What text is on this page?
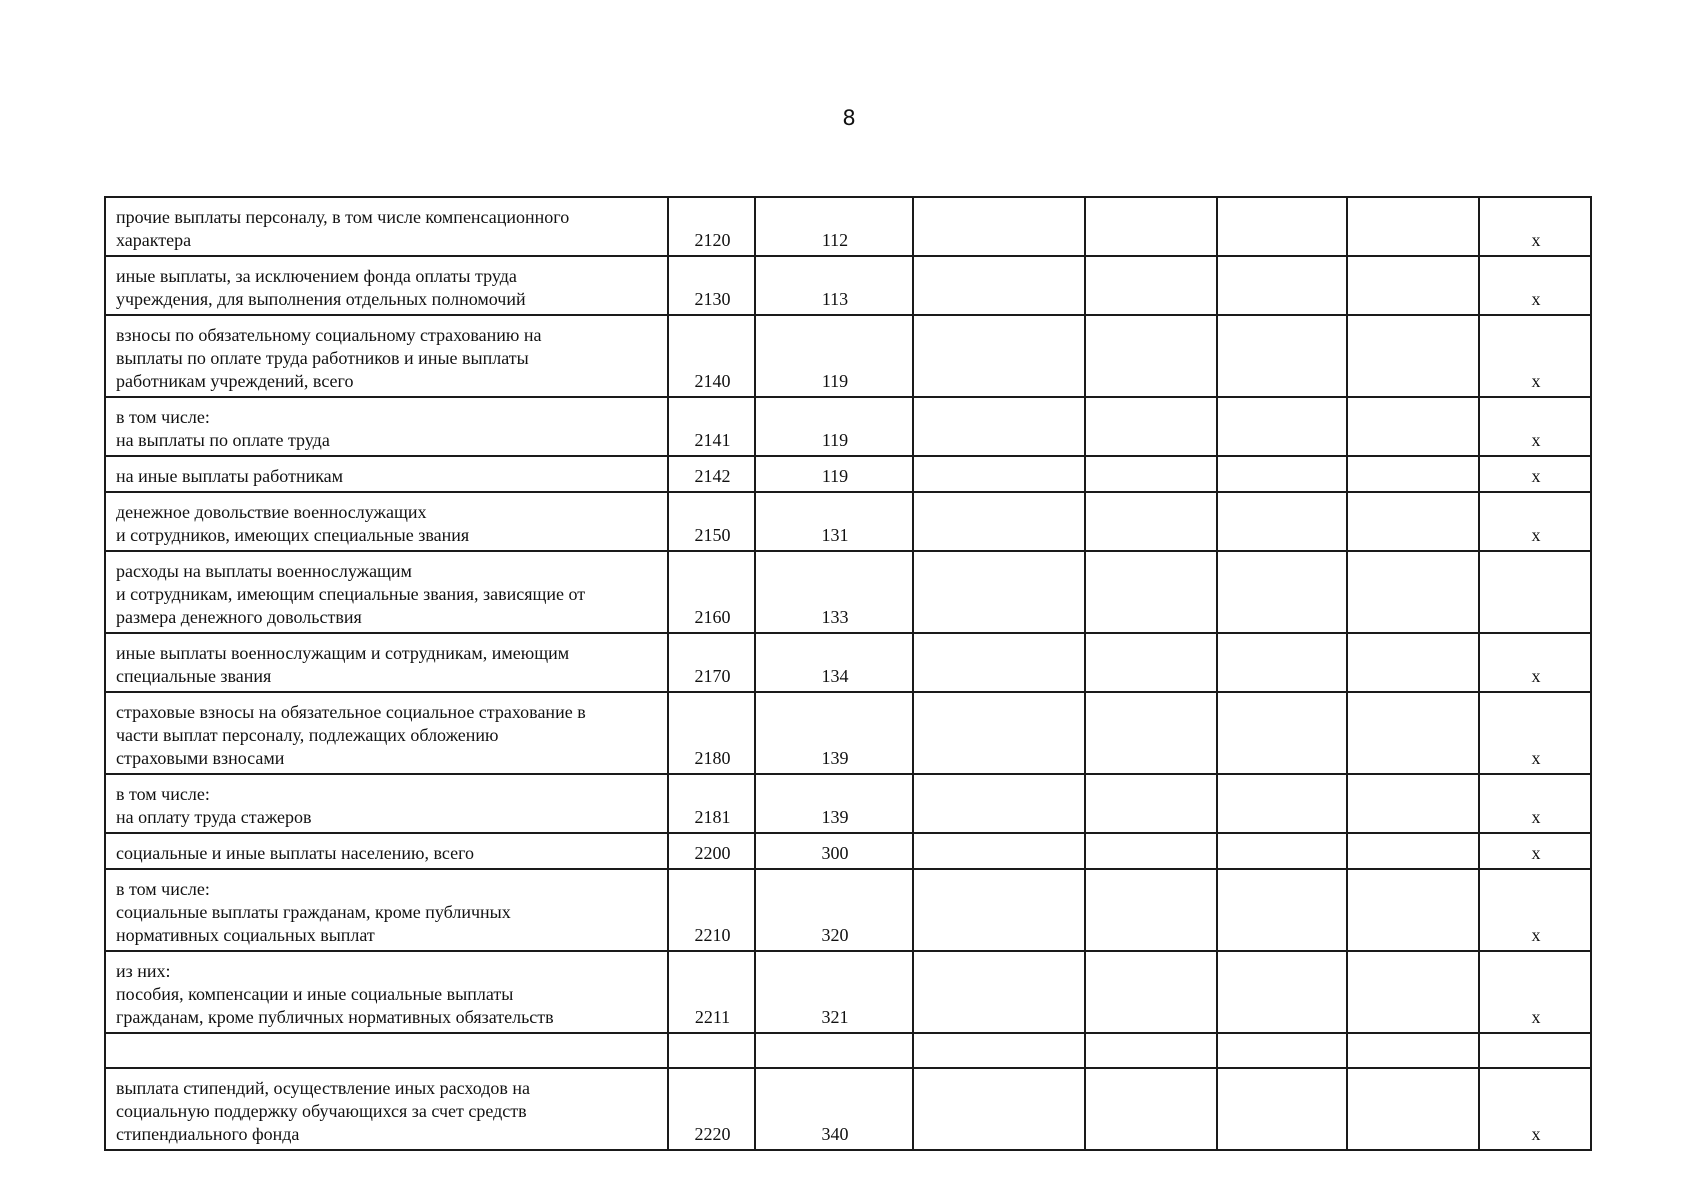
8
прочие выплаты персоналу, в том числе компенсационного
характера	2120	112					x
иные выплаты, за исключением фонда оплаты труда
учреждения, для выполнения отдельных полномочий	2130	113					x
взносы по обязательному социальному страхованию на
выплаты по оплате труда работников и иные выплаты
работникам учреждений, всего	2140	119					x
в том числе:
на выплаты по оплате труда	2141	119					x
на иные выплаты работникам	2142	119					x
денежное довольствие военнослужащих
и сотрудников, имеющих специальные звания	2150	131					x
расходы на выплаты военнослужащим
и сотрудникам, имеющим специальные звания, зависящие от
размера денежного довольствия	2160	133					
иные выплаты военнослужащим и сотрудникам, имеющим
специальные звания	2170	134					x
страховые взносы на обязательное социальное страхование в
части выплат персоналу, подлежащих обложению
страховыми взносами	2180	139					x
в том числе:
на оплату труда стажеров	2181	139					x
социальные и иные выплаты населению, всего	2200	300					x
в том числе:
социальные выплаты гражданам, кроме публичных
нормативных социальных выплат	2210	320					x
из них:
пособия, компенсации и иные социальные выплаты
гражданам, кроме публичных нормативных обязательств	2211	321					x

выплата стипендий, осуществление иных расходов на
социальную поддержку обучающихся за счет средств
стипендиального фонда	2220	340					x
